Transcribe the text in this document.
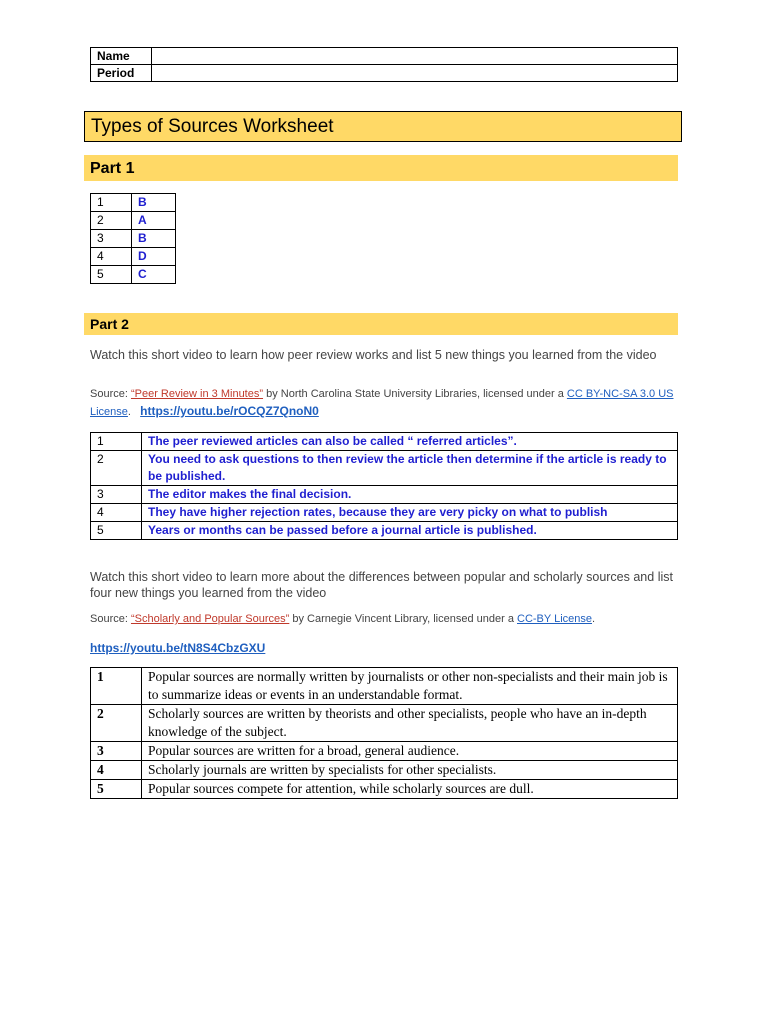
Name	
Period	
Types of Sources Worksheet
Part 1
1	B
2	A
3	B
4	D
5	C
Part 2

Watch this short video to learn how peer review works and list 5 new things you learned from the video

Source: “Peer Review in 3 Minutes” by North Carolina State University Libraries, licensed under a CC BY-NC-SA 3.0 US License. https://youtu.be/rOCQZ7QnoN0
1	The peer reviewed articles can also be called “ referred articles”.
2	You need to ask questions to then review the article then determine if the article is ready to be published.
3	The editor makes the final decision.
4	They have higher rejection rates, because they are very picky on what to publish
5	Years or months can be passed before a journal article is published.

Watch this short video to learn more about the differences between popular and scholarly sources and list four new things you learned from the video

Source: “Scholarly and Popular Sources” by Carnegie Vincent Library, licensed under a CC-BY License.
https://youtu.be/tN8S4CbzGXU
1	Popular sources are normally written by journalists or other non-specialists and their main job is to summarize ideas or events in an understandable format.
2	Scholarly sources are written by theorists and other specialists, people who have an in-depth knowledge of the subject.
3	Popular sources are written for a broad, general audience.
4	Scholarly journals are written by specialists for other specialists.
5	Popular sources compete for attention, while scholarly sources are dull.
